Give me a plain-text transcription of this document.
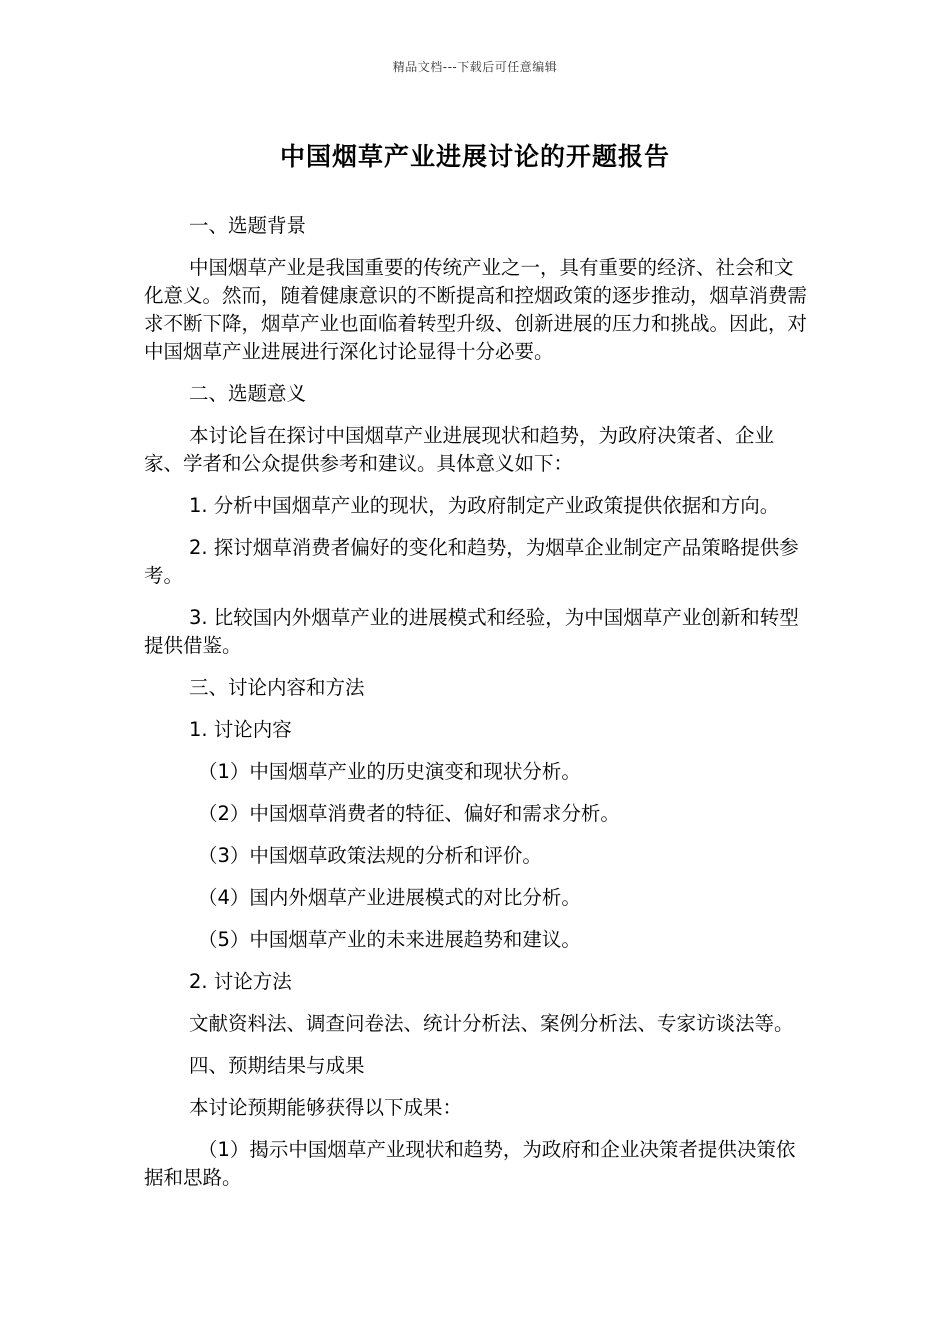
精品文档---下载后可任意编辑
中国烟草产业进展讨论的开题报告

一、选题背景

中国烟草产业是我国重要的传统产业之一，具有重要的经济、社会和文化意义。然而，随着健康意识的不断提高和控烟政策的逐步推动，烟草消费需求不断下降，烟草产业也面临着转型升级、创新进展的压力和挑战。因此，对中国烟草产业进展进行深化讨论显得十分必要。

二、选题意义

本讨论旨在探讨中国烟草产业进展现状和趋势，为政府决策者、企业家、学者和公众提供参考和建议。具体意义如下：

1. 分析中国烟草产业的现状，为政府制定产业政策提供依据和方向。

2. 探讨烟草消费者偏好的变化和趋势，为烟草企业制定产品策略提供参考。

3. 比较国内外烟草产业的进展模式和经验，为中国烟草产业创新和转型提供借鉴。

三、讨论内容和方法

1. 讨论内容

（1）中国烟草产业的历史演变和现状分析。

（2）中国烟草消费者的特征、偏好和需求分析。

（3）中国烟草政策法规的分析和评价。

（4）国内外烟草产业进展模式的对比分析。

（5）中国烟草产业的未来进展趋势和建议。

2. 讨论方法

文献资料法、调查问卷法、统计分析法、案例分析法、专家访谈法等。

四、预期结果与成果

本讨论预期能够获得以下成果：

（1）揭示中国烟草产业现状和趋势，为政府和企业决策者提供决策依据和思路。
